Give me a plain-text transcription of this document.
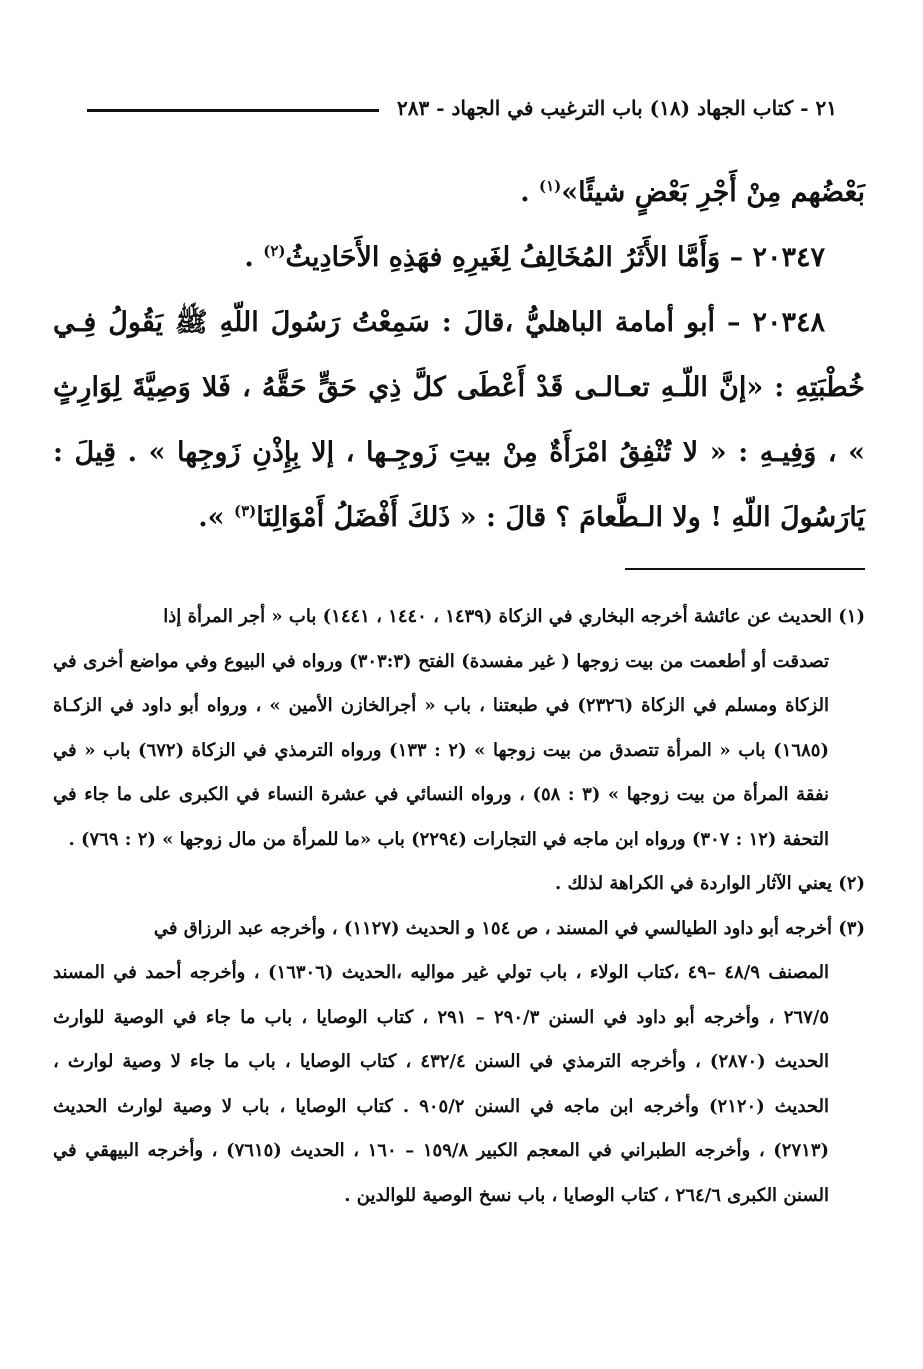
٢١ - كتاب الجهاد (١٨) باب الترغيب في الجهاد - ٢٨٣

بَعْضُهم مِنْ أَجْرِ بَعْضٍ شيئًا»$^{(١)}$ .

٢٠٣٤٧ – وَأَمَّا الأَثَرُ المُخَالِفُ لِغَيرِهِ فهَذِهِ الأَحَادِيثُ$^{(٢)}$ .

٢٠٣٤٨ – أبو أمامة الباهليُّ ،قالَ : سَمِعْتُ رَسُولَ اللّهِ ﷺ يَقُولُ فِـي خُطْبَتِهِ : «إنَّ اللّـهِ تعـالـى قَدْ أَعْطَى كلَّ ذِي حَقٍّ حَقَّهُ ، فَلا وَصِيَّةَ لِوَارِثٍ » ، وَفِيـهِ : « لا تُنْفِقُ امْرَأَةٌ مِنْ بيتِ زَوجِـها ، إلا بِإِذْنِ زَوجِها » . قِيلَ : يَارَسُولَ اللّهِ ! ولا الـطَّعامَ ؟ قالَ : « ذَلكَ أَفْضَلُ أَمْوَالِنَا$^{(٣)}$ ».

(١) الحديث عن عائشة أخرجه البخاري في الزكاة (١٤٣٩ ، ١٤٤٠ ، ١٤٤١) باب « أجر المرأة إذا

تصدقت أو أطعمت من بيت زوجها ( غير مفسدة) الفتح (٣٠٣:٣) ورواه في البيوع وفي مواضع أخرى في الزكاة ومسلم في الزكاة (٢٣٢٦) في طبعتنا ، باب « أجرالخازن الأمين » ، ورواه أبو داود في الزكـاة (١٦٨٥) باب « المرأة تتصدق من بيت زوجها » (٢ : ١٣٣) ورواه الترمذي في الزكاة (٦٧٢) باب « في نفقة المرأة من بيت زوجها » (٣ : ٥٨) ، ورواه النسائي في عشرة النساء في الكبرى على ما جاء في التحفة (١٢ : ٣٠٧) ورواه ابن ماجه في التجارات (٢٢٩٤) باب «ما للمرأة من مال زوجها » (٢ : ٧٦٩) .

(٢) يعني الآثار الواردة في الكراهة لذلك .

(٣) أخرجه أبو داود الطيالسي في المسند ، ص ١٥٤ و الحديث (١١٢٧) ، وأخرجه عبد الرزاق في

المصنف ٤٨/٩ –٤٩ ،كتاب الولاء ، باب تولي غير مواليه ،الحديث (١٦٣٠٦) ، وأخرجه أحمد في المسند ٢٦٧/٥ ، وأخرجه أبو داود في السنن ٢٩٠/٣ – ٢٩١ ، كتاب الوصايا ، باب ما جاء في الوصية للوارث الحديث (٢٨٧٠) ، وأخرجه الترمذي في السنن ٤٣٢/٤ ، كتاب الوصايا ، باب ما جاء لا وصية لوارث ، الحديث (٢١٢٠) وأخرجه ابن ماجه في السنن ٩٠٥/٢ . كتاب الوصايا ، باب لا وصية لوارث الحديث (٢٧١٣) ، وأخرجه الطبراني في المعجم الكبير ١٥٩/٨ – ١٦٠ ، الحديث (٧٦١٥) ، وأخرجه البيهقي في السنن الكبرى ٢٦٤/٦ ، كتاب الوصايا ، باب نسخ الوصية للوالدين .
